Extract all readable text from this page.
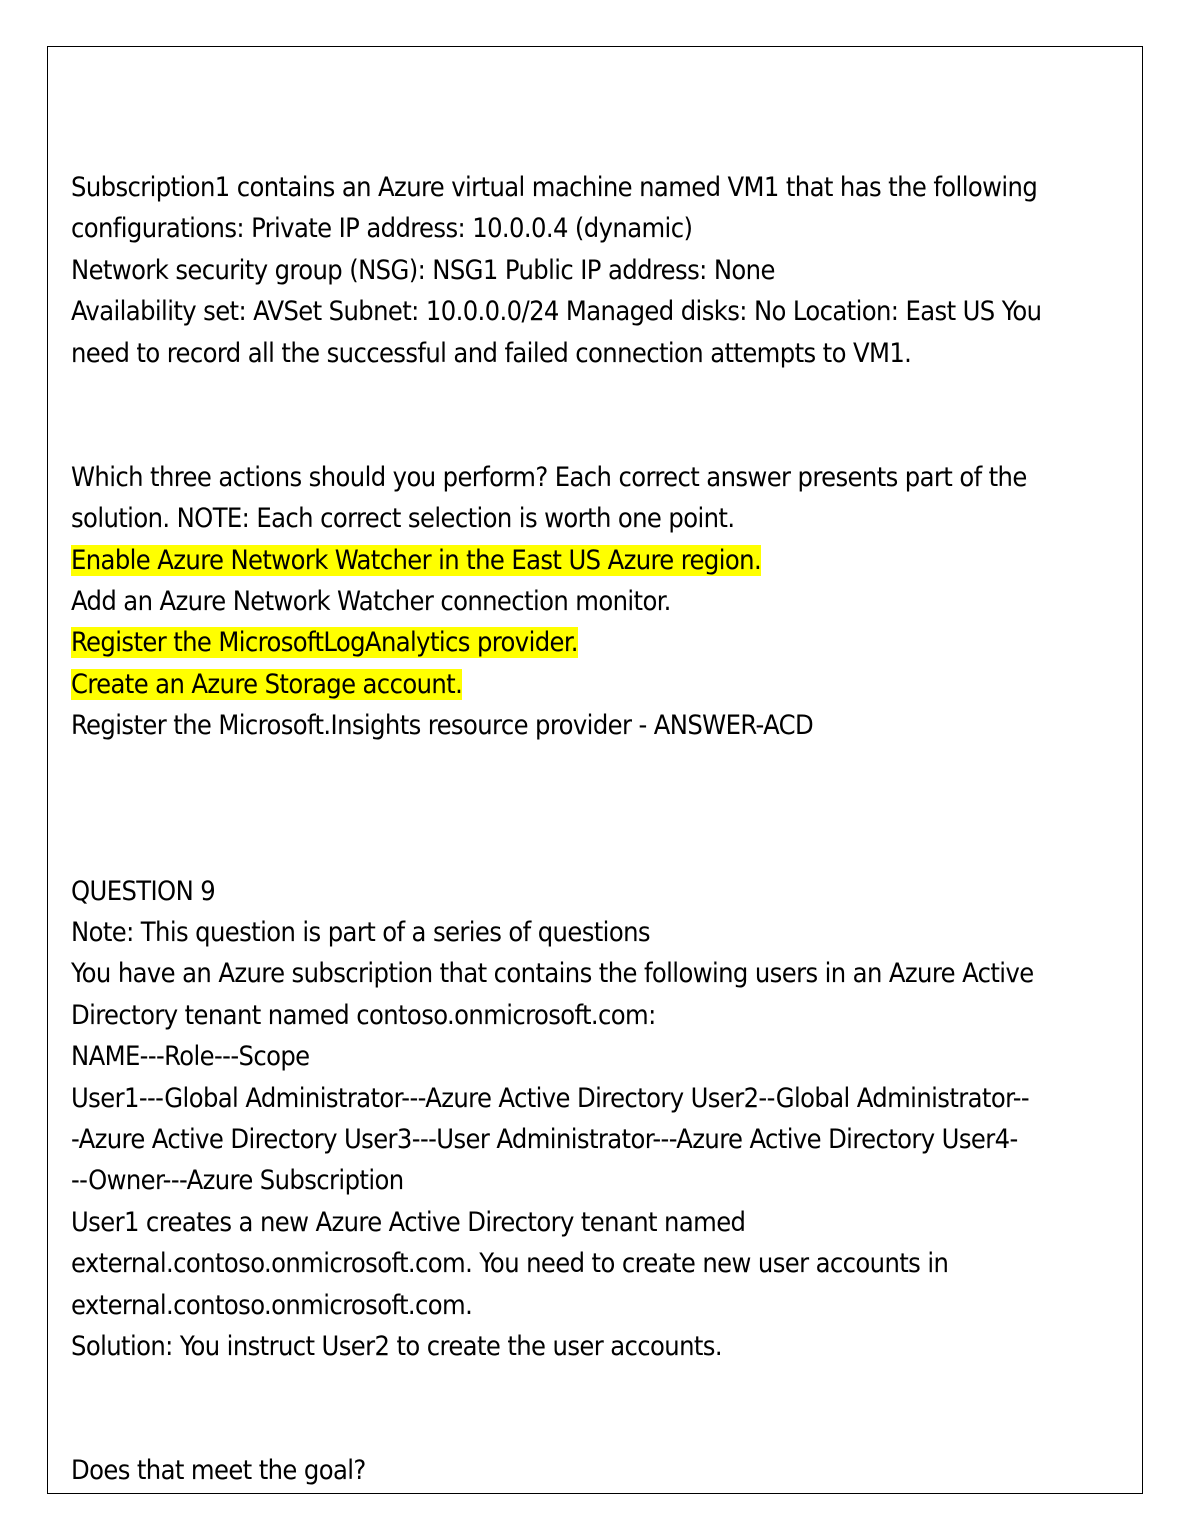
Subscription1 contains an Azure virtual machine named VM1 that has the following
configurations: Private IP address: 10.0.0.4 (dynamic)
Network security group (NSG): NSG1 Public IP address: None
Availability set: AVSet Subnet: 10.0.0.0/24 Managed disks: No Location: East US You
need to record all the successful and failed connection attempts to VM1.
Which three actions should you perform? Each correct answer presents part of the
solution. NOTE: Each correct selection is worth one point.
Enable Azure Network Watcher in the East US Azure region.
Add an Azure Network Watcher connection monitor.
Register the MicrosoftLogAnalytics provider.
Create an Azure Storage account.
Register the Microsoft.Insights resource provider - ANSWER-ACD
QUESTION 9
Note: This question is part of a series of questions
You have an Azure subscription that contains the following users in an Azure Active
Directory tenant named contoso.onmicrosoft.com:
NAME---Role---Scope
User1---Global Administrator---Azure Active Directory User2--Global Administrator--
-Azure Active Directory User3---User Administrator---Azure Active Directory User4-
--Owner---Azure Subscription
User1 creates a new Azure Active Directory tenant named
external.contoso.onmicrosoft.com. You need to create new user accounts in
external.contoso.onmicrosoft.com.
Solution: You instruct User2 to create the user accounts.
Does that meet the goal?
